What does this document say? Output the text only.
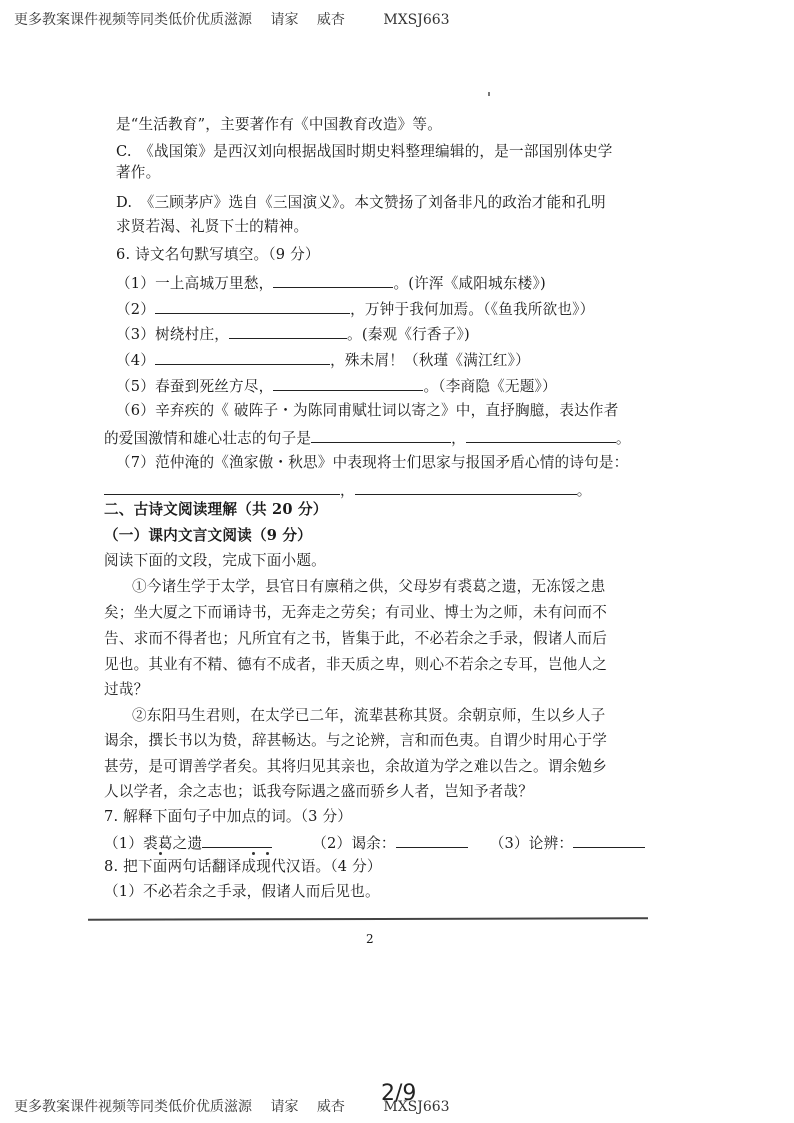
更多教案课件视频等同类低价优质滋源 请家 威杏	MXSJ663
是“生活教育”，主要著作有《中国教育改造》等。
C.　《战国策》是西汉刘向根据战国时期史料整理编辑的，是一部国别体史学
著作。
D.　《三顾茅庐》选自《三国演义》。本文赞扬了刘备非凡的政治才能和孔明
求贤若渴、礼贤下士的精神。
6. 诗文名句默写填空。（9 分）
（1）一上高城万里愁，	。(许浑《咸阳城东楼》)
（2）	，万钟于我何加焉。（《鱼我所欲也》）
（3）树绕村庄，	。(秦观《行香子》)
（4）	，殊未屑！（秋瑾《满江红》）
（5）春蚕到死丝方尽，	。（李商隐《无题》）
（6）辛弃疾的《 破阵子・为陈同甫赋壮词以寄之》中，直抒胸臆，表达作者
的爱国激情和雄心壮志的句子是	，	。
（7）范仲淹的《渔家傲・秋思》中表现将士们思家与报国矛盾心情的诗句是：
，	。
二、古诗文阅读理解（共 20 分）
（一）课内文言文阅读（9 分）
阅读下面的文段，完成下面小题。
①今诸生学于太学，县官日有廪稍之供，父母岁有裘葛之遗，无冻馁之患
矣；坐大厦之下而诵诗书，无奔走之劳矣；有司业、博士为之师，未有问而不
告、求而不得者也；凡所宜有之书，皆集于此，不必若余之手录，假诸人而后
见也。其业有不精、德有不成者，非天质之卑，则心不若余之专耳，岂他人之
过哉？
②东阳马生君则，在太学已二年，流辈甚称其贤。余朝京师，生以乡人子
谒余，撰长书以为贽，辞甚畅达。与之论辨，言和而色夷。自谓少时用心于学
甚劳，是可谓善学者矣。其将归见其亲也，余故道为学之难以告之。谓余勉乡
人以学者，余之志也；诋我夸际遇之盛而骄乡人者，岂知予者哉？
7. 解释下面句子中加点的词。（3 分）
（1）裘葛之遗	（2）谒余：	（3）论辨：
8. 把下面两句话翻译成现代汉语。（4 分）
（1）不必若余之手录，假诸人而后见也。
2
更多教案课件视频等同类低价优质滋源 请家 威杏	MXSJ663
2/9
